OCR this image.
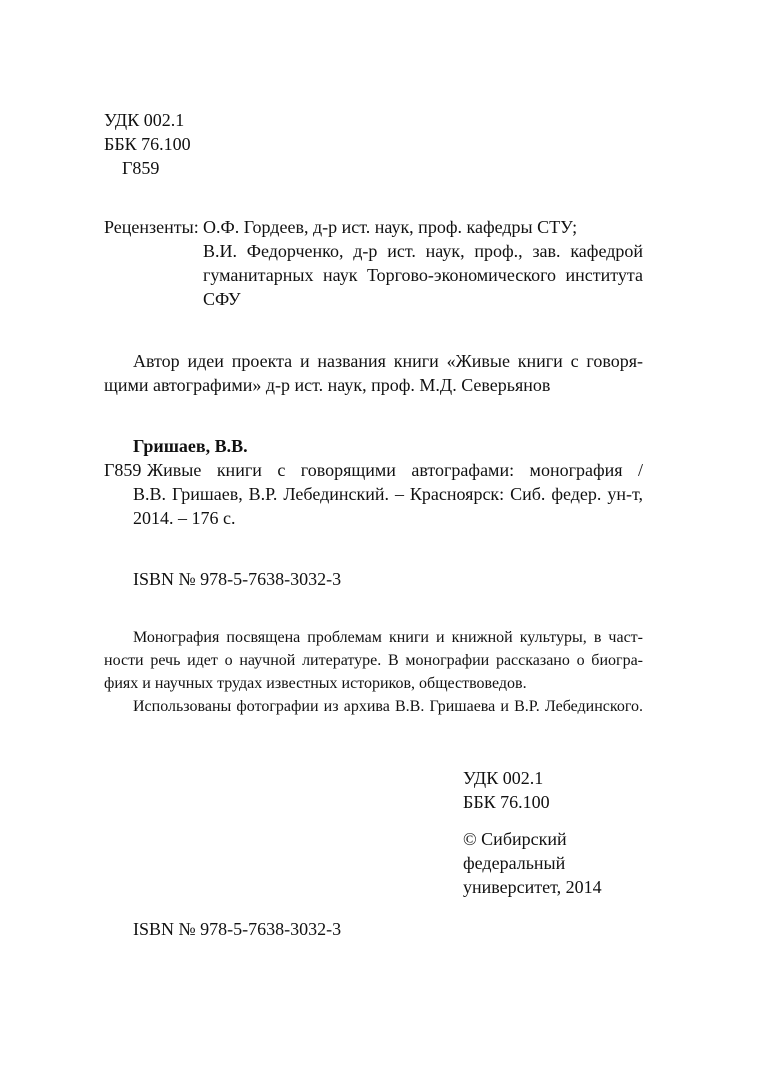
УДК 002.1
ББК 76.100
Г859
Рецензенты: О.Ф. Гордеев, д-р ист. наук, проф. кафедры СТУ;
В.И. Федорченко, д-р ист. наук, проф., зав. кафедрой
гуманитарных наук Торгово-экономического института
СФУ
Автор идеи проекта и названия книги «Живые книги с говоря-
щими автографими» д-р ист. наук, проф. М.Д. Северьянов
Гришаев, В.В.
Г859 Живые книги с говорящими автографами: монография /
В.В. Гришаев, В.Р. Лебединский. – Красноярск: Сиб. федер. ун-т,
2014. – 176 с.
ISBN № 978-5-7638-3032-3
Монография посвящена проблемам книги и книжной культуры, в част-
ности речь идет о научной литературе. В монографии рассказано о биогра-
фиях и научных трудах известных историков, обществоведов.
Использованы фотографии из архива В.В. Гришаева и В.Р. Лебединского.
УДК 002.1
ББК 76.100
© Сибирский
федеральный
университет, 2014
ISBN № 978-5-7638-3032-3
